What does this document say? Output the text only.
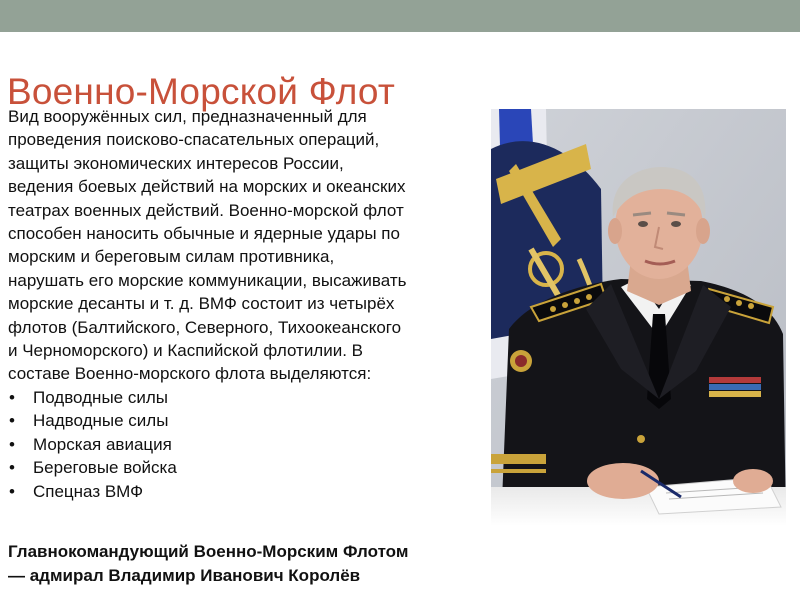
Военно-Морской Флот

Вид вооружённых сил, предназначенный для
проведения поисково-спасательных операций,
защиты экономических интересов России,
ведения боевых действий на морских и океанских
театрах военных действий. Военно-морской флот
способен наносить обычные и ядерные удары по
морским и береговым силам противника,
нарушать его морские коммуникации, высаживать
морские десанты и т. д. ВМФ состоит из четырёх
флотов (Балтийского, Северного, Тихоокеанского
и Черноморского) и Каспийской флотилии. В
составе Военно-морского флота выделяются:

• Подводные силы
• Надводные силы
• Морская авиация
• Береговые войска
• Спецназ ВМФ
Главнокомандующий Военно-Морским Флотом
— адмирал Владимир Иванович Королёв
